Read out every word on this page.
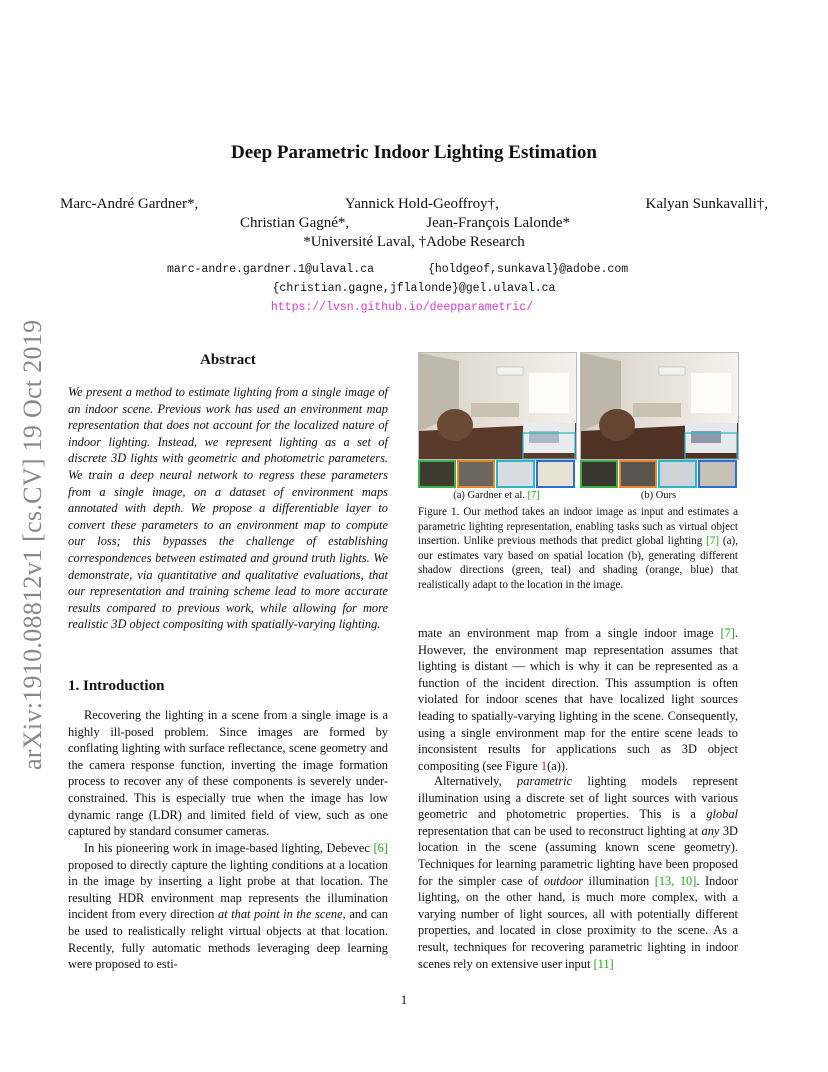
arXiv:1910.08812v1 [cs.CV] 19 Oct 2019
Deep Parametric Indoor Lighting Estimation
Marc-André Gardner*,	Yannick Hold-Geoffroy†,	Kalyan Sunkavalli†,
Christian Gagné*,	Jean-François Lalonde*
*Université Laval, †Adobe Research
marc-andre.gardner.1@ulaval.ca	{holdgeof,sunkaval}@adobe.com
{christian.gagne,jflalonde}@gel.ulaval.ca
https://lvsn.github.io/deepparametric/
Abstract
We present a method to estimate lighting from a single image of an indoor scene. Previous work has used an environment map representation that does not account for the localized nature of indoor lighting. Instead, we represent lighting as a set of discrete 3D lights with geometric and photometric parameters. We train a deep neural network to regress these parameters from a single image, on a dataset of environment maps annotated with depth. We propose a differentiable layer to convert these parameters to an environment map to compute our loss; this bypasses the challenge of establishing correspondences between estimated and ground truth lights. We demonstrate, via quantitative and qualitative evaluations, that our representation and training scheme lead to more accurate results compared to previous work, while allowing for more realistic 3D object compositing with spatially-varying lighting.
1. Introduction
Recovering the lighting in a scene from a single image is a highly ill-posed problem. Since images are formed by conflating lighting with surface reflectance, scene geometry and the camera response function, inverting the image formation process to recover any of these components is severely under-constrained. This is especially true when the image has low dynamic range (LDR) and limited field of view, such as one captured by standard consumer cameras.
In his pioneering work in image-based lighting, Debevec [6] proposed to directly capture the lighting conditions at a location in the image by inserting a light probe at that location. The resulting HDR environment map represents the illumination incident from every direction at that point in the scene, and can be used to realistically relight virtual objects at that location. Recently, fully automatic methods leveraging deep learning were proposed to esti-
(a) Gardner et al. [7]	(b) Ours
Figure 1. Our method takes an indoor image as input and estimates a parametric lighting representation, enabling tasks such as virtual object insertion. Unlike previous methods that predict global lighting [7] (a), our estimates vary based on spatial location (b), generating different shadow directions (green, teal) and shading (orange, blue) that realistically adapt to the location in the image.
mate an environment map from a single indoor image [7]. However, the environment map representation assumes that lighting is distant — which is why it can be represented as a function of the incident direction. This assumption is often violated for indoor scenes that have localized light sources leading to spatially-varying lighting in the scene. Consequently, using a single environment map for the entire scene leads to inconsistent results for applications such as 3D object compositing (see Figure 1(a)).
Alternatively, parametric lighting models represent illumination using a discrete set of light sources with various geometric and photometric properties. This is a global representation that can be used to reconstruct lighting at any 3D location in the scene (assuming known scene geometry). Techniques for learning parametric lighting have been proposed for the simpler case of outdoor illumination [13, 10]. Indoor lighting, on the other hand, is much more complex, with a varying number of light sources, all with potentially different properties, and located in close proximity to the scene. As a result, techniques for recovering parametric lighting in indoor scenes rely on extensive user input [11]
1
